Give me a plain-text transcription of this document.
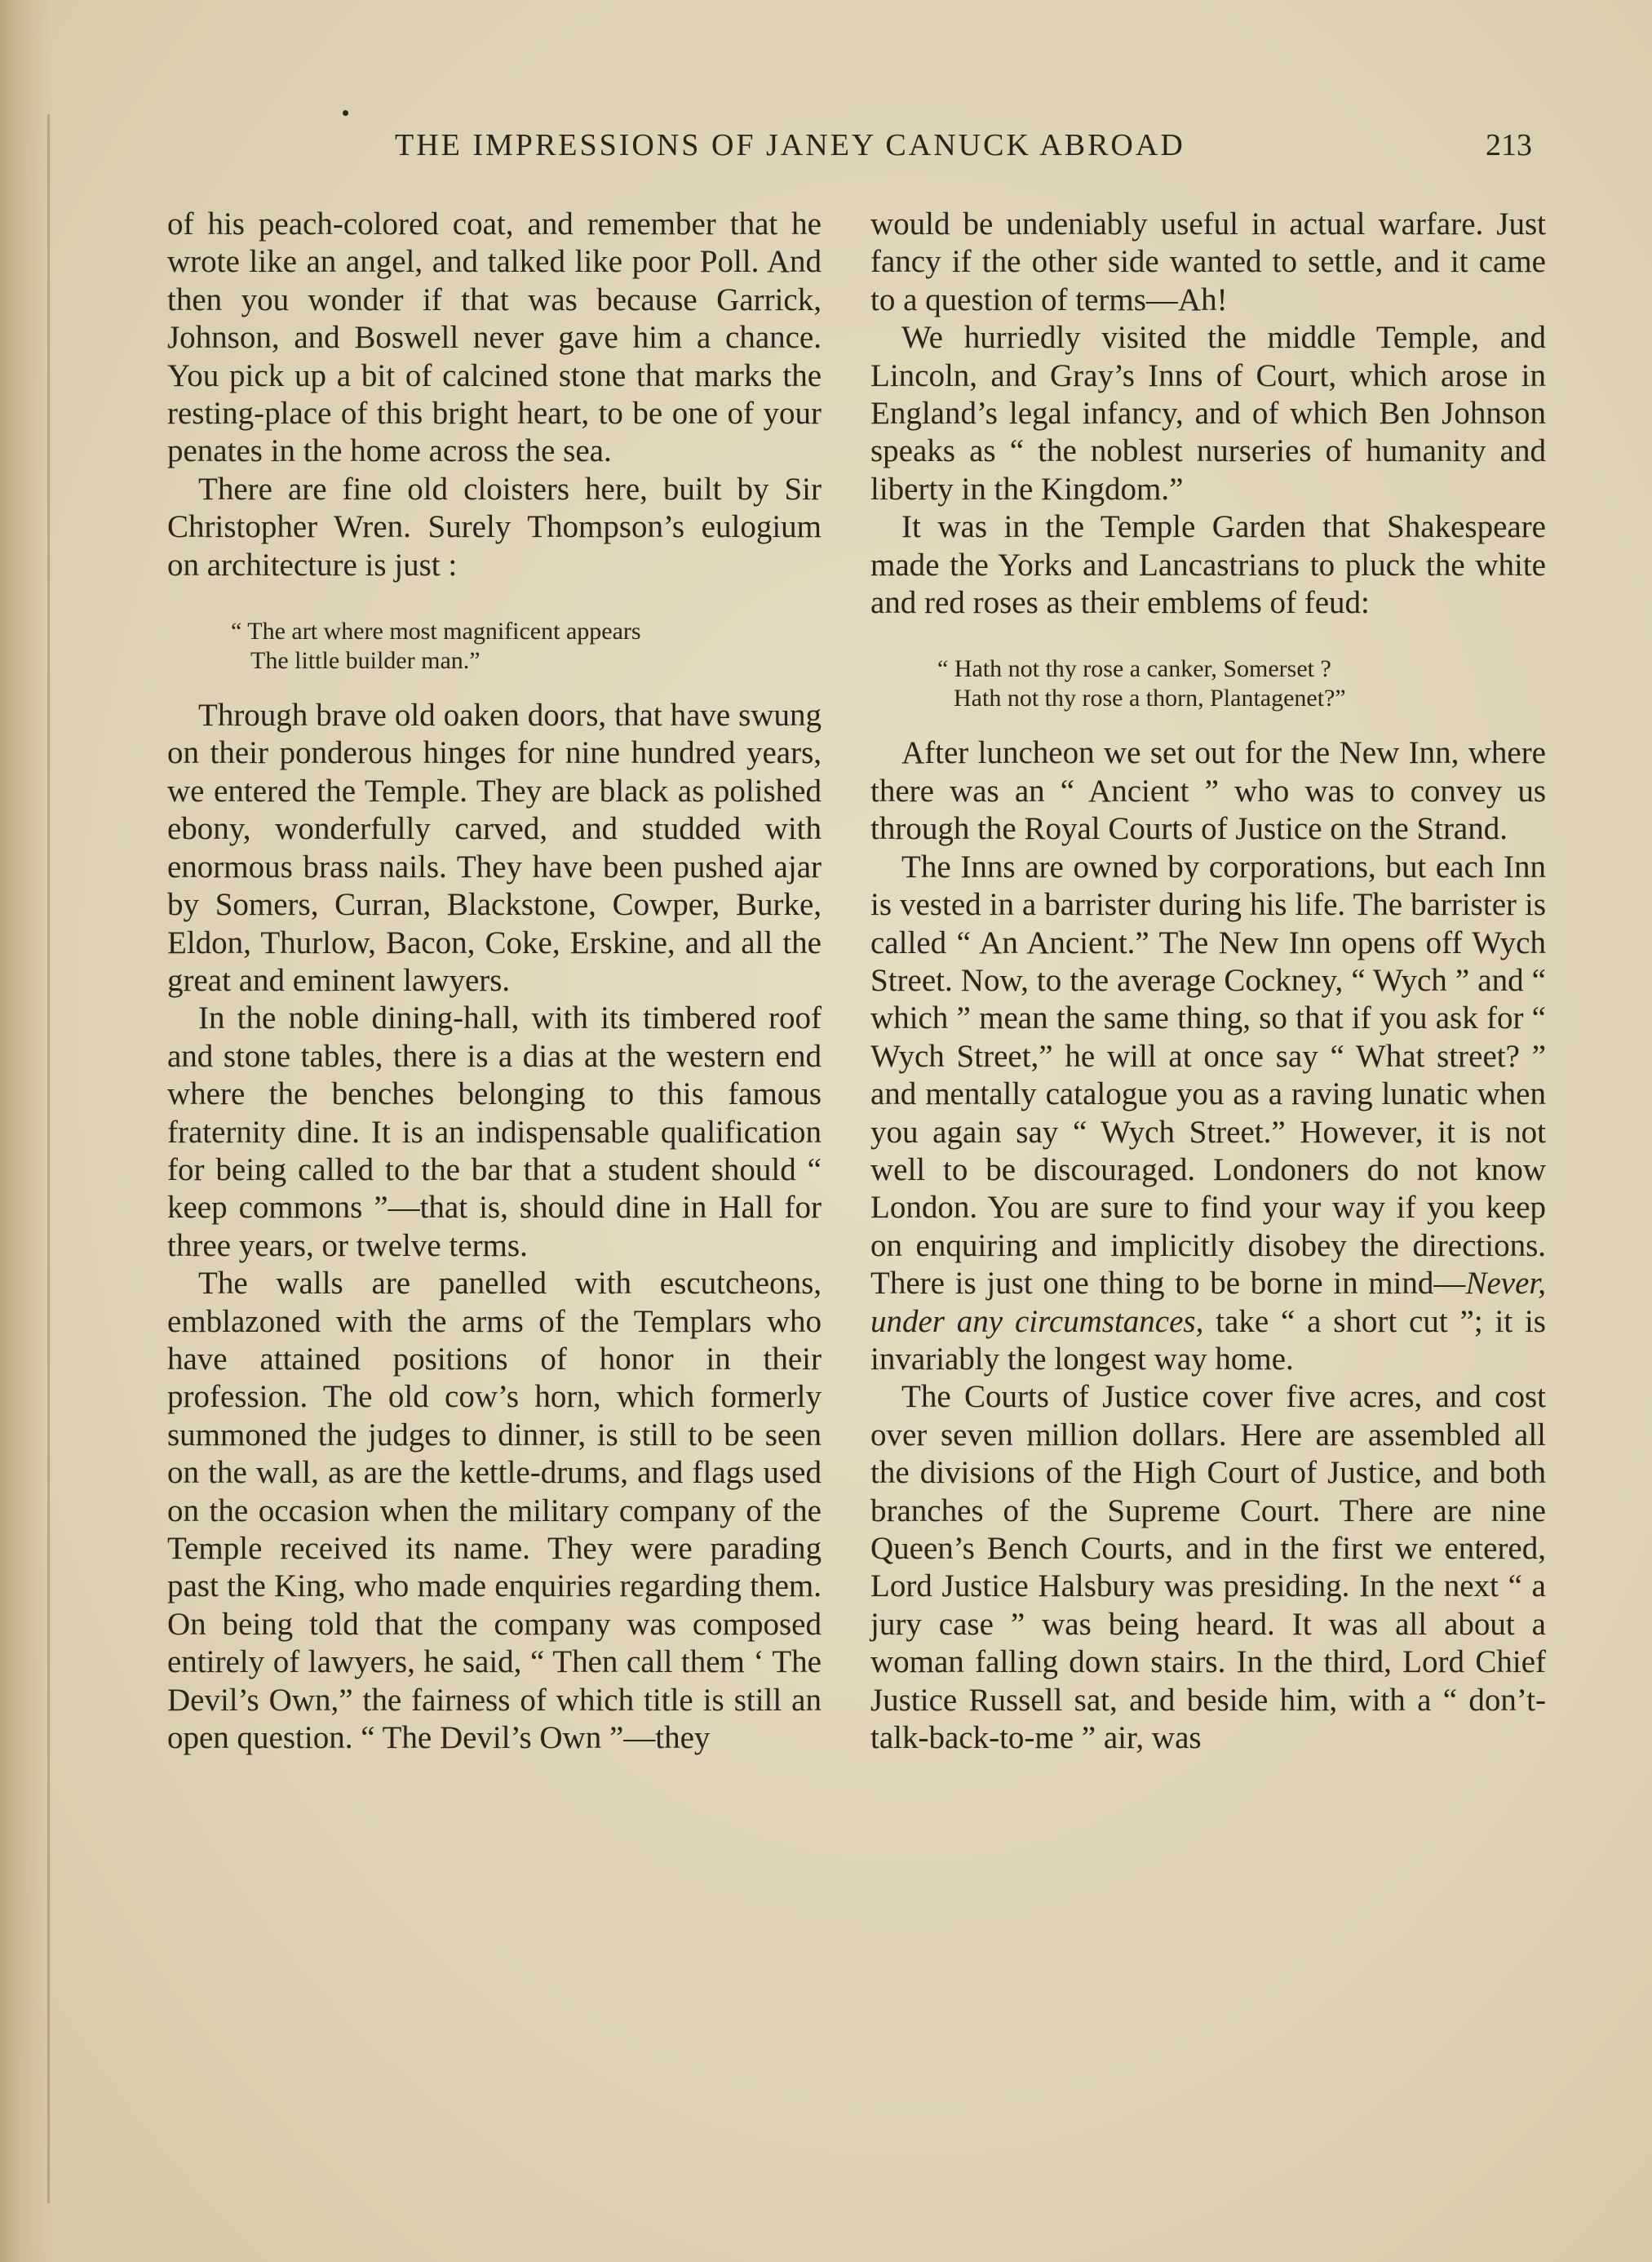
THE IMPRESSIONS OF JANEY CANUCK ABROAD	213

of his peach-colored coat, and remember that he wrote like an angel, and talked like poor Poll. And then you wonder if that was because Garrick, Johnson, and Boswell never gave him a chance. You pick up a bit of calcined stone that marks the resting-place of this bright heart, to be one of your penates in the home across the sea.

There are fine old cloisters here, built by Sir Christopher Wren. Surely Thompson’s eulogium on architecture is just :

“ The art where most magnificent appears
The little builder man.”

Through brave old oaken doors, that have swung on their ponderous hinges for nine hundred years, we entered the Temple. They are black as polished ebony, wonderfully carved, and studded with enormous brass nails. They have been pushed ajar by Somers, Curran, Blackstone, Cowper, Burke, Eldon, Thurlow, Bacon, Coke, Erskine, and all the great and eminent lawyers.

In the noble dining-hall, with its timbered roof and stone tables, there is a dias at the western end where the benches belonging to this famous fraternity dine. It is an indispensable qualification for being called to the bar that a student should “ keep commons ”—that is, should dine in Hall for three years, or twelve terms.

The walls are panelled with escutcheons, emblazoned with the arms of the Templars who have attained positions of honor in their profession. The old cow’s horn, which formerly summoned the judges to dinner, is still to be seen on the wall, as are the kettle-drums, and flags used on the occasion when the military company of the Temple received its name. They were parading past the King, who made enquiries regarding them. On being told that the company was composed entirely of lawyers, he said, “ Then call them ‘ The Devil’s Own,” the fairness of which title is still an open question. “ The Devil’s Own ”—they

would be undeniably useful in actual warfare. Just fancy if the other side wanted to settle, and it came to a question of terms—Ah!

We hurriedly visited the middle Temple, and Lincoln, and Gray’s Inns of Court, which arose in England’s legal infancy, and of which Ben Johnson speaks as “ the noblest nurseries of humanity and liberty in the Kingdom.”

It was in the Temple Garden that Shakespeare made the Yorks and Lancastrians to pluck the white and red roses as their emblems of feud:

“ Hath not thy rose a canker, Somerset ?
Hath not thy rose a thorn, Plantagenet?”

After luncheon we set out for the New Inn, where there was an “ Ancient ” who was to convey us through the Royal Courts of Justice on the Strand.

The Inns are owned by corporations, but each Inn is vested in a barrister during his life. The barrister is called “ An Ancient.” The New Inn opens off Wych Street. Now, to the average Cockney, “ Wych ” and “ which ” mean the same thing, so that if you ask for “ Wych Street,” he will at once say “ What street? ” and mentally catalogue you as a raving lunatic when you again say “ Wych Street.” However, it is not well to be discouraged. Londoners do not know London. You are sure to find your way if you keep on enquiring and implicitly disobey the directions. There is just one thing to be borne in mind—Never, under any circumstances, take “ a short cut ”; it is invariably the longest way home.

The Courts of Justice cover five acres, and cost over seven million dollars. Here are assembled all the divisions of the High Court of Justice, and both branches of the Supreme Court. There are nine Queen’s Bench Courts, and in the first we entered, Lord Justice Halsbury was presiding. In the next “ a jury case ” was being heard. It was all about a woman falling down stairs. In the third, Lord Chief Justice Russell sat, and beside him, with a “ don’t-talk-back-to-me ” air, was
